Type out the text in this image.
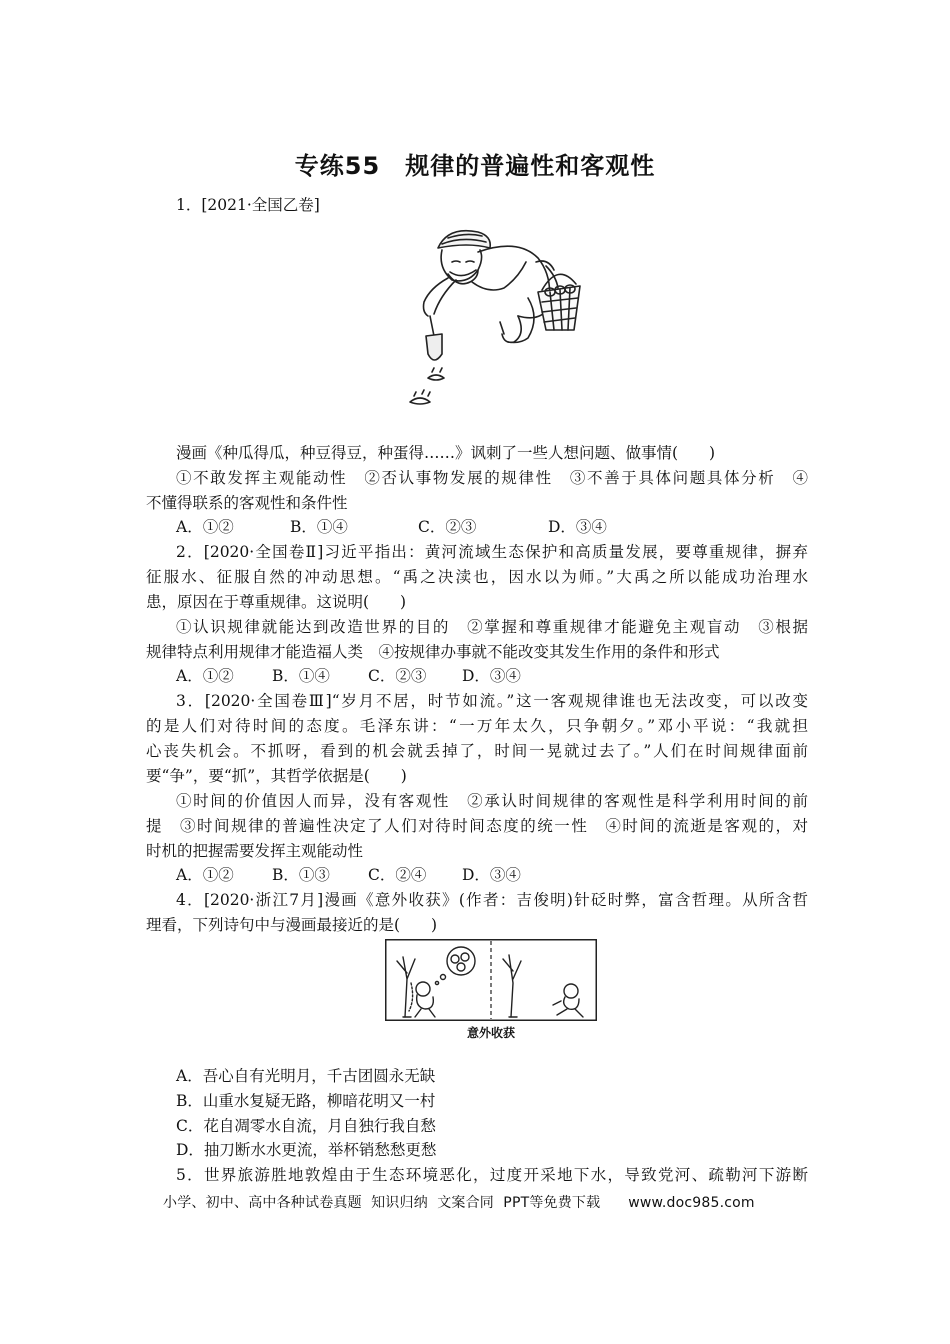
专练55　规律的普遍性和客观性
1．[2021·全国乙卷]
漫画《种瓜得瓜，种豆得豆，种蛋得……》讽刺了一些人想问题、做事情(　　)
①不敢发挥主观能动性　②否认事物发展的规律性　③不善于具体问题具体分析　④
不懂得联系的客观性和条件性
A．①②	B．①④	C．②③	D．③④
2．[2020·全国卷Ⅱ]习近平指出：黄河流域生态保护和高质量发展，要尊重规律，摒弃
征服水、征服自然的冲动思想。“禹之决渎也，因水以为师。”大禹之所以能成功治理水
患，原因在于尊重规律。这说明(　　)
①认识规律就能达到改造世界的目的　②掌握和尊重规律才能避免主观盲动　③根据
规律特点利用规律才能造福人类　④按规律办事就不能改变其发生作用的条件和形式
A．①② B．①④ C．②③ D．③④
3．[2020·全国卷Ⅲ]“岁月不居，时节如流。”这一客观规律谁也无法改变，可以改变
的是人们对待时间的态度。毛泽东讲：“一万年太久，只争朝夕。”邓小平说：“我就担
心丧失机会。不抓呀，看到的机会就丢掉了，时间一晃就过去了。”人们在时间规律面前
要“争”，要“抓”，其哲学依据是(　　)
①时间的价值因人而异，没有客观性　②承认时间规律的客观性是科学利用时间的前
提　③时间规律的普遍性决定了人们对待时间态度的统一性　④时间的流逝是客观的，对
时机的把握需要发挥主观能动性
A．①② B．①③ C．②④ D．③④
4．[2020·浙江7月]漫画《意外收获》(作者：吉俊明)针砭时弊，富含哲理。从所含哲
理看，下列诗句中与漫画最接近的是(　　)
意外收获
A．吾心自有光明月，千古团圆永无缺
B．山重水复疑无路，柳暗花明又一村
C．花自凋零水自流，月自独行我自愁
D．抽刀断水水更流，举杯销愁愁更愁
5．世界旅游胜地敦煌由于生态环境恶化，过度开采地下水，导致党河、疏勒河下游断
小学、初中、高中各种试卷真题  知识归纳  文案合同  PPT等免费下载      www.doc985.com
